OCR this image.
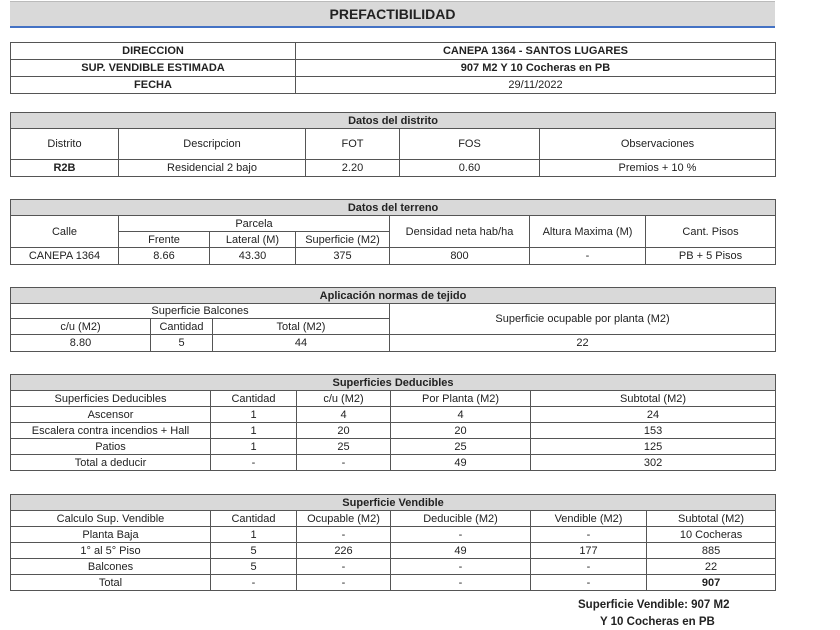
PREFACTIBILIDAD
DIRECCION	CANEPA 1364 - SANTOS LUGARES
SUP. VENDIBLE ESTIMADA	907 M2 Y 10 Cocheras en PB
FECHA	29/11/2022
Datos del distrito				
Distrito	Descripcion	FOT	FOS	Observaciones
R2B	Residencial 2 bajo	2.20	0.60	Premios + 10 %
Datos del terreno						
Calle	Parcela			Densidad neta hab/ha	Altura Maxima (M)	Cant. Pisos
	Frente	Lateral (M)	Superficie (M2)			
CANEPA 1364	8.66	43.30	375	800	-	PB + 5 Pisos
Aplicación normas de tejido			
Superficie Balcones			Superficie ocupable por planta (M2)
c/u (M2)	Cantidad	Total (M2)	
8.80	5	44	22
Superficies Deducibles				
Superficies Deducibles	Cantidad	c/u (M2)	Por Planta (M2)	Subtotal (M2)
Ascensor	1	4	4	24
Escalera contra incendios + Hall	1	20	20	153
Patios	1	25	25	125
Total a deducir	-	-	49	302
Superficie Vendible					
Calculo Sup. Vendible	Cantidad	Ocupable (M2)	Deducible (M2)	Vendible (M2)	Subtotal (M2)
Planta Baja	1	-	-	-	10 Cocheras
1° al 5° Piso	5	226	49	177	885
Balcones	5	-	-	-	22
Total	-	-	-	-	907
Superficie Vendible: 907 M2
Y 10 Cocheras en PB
